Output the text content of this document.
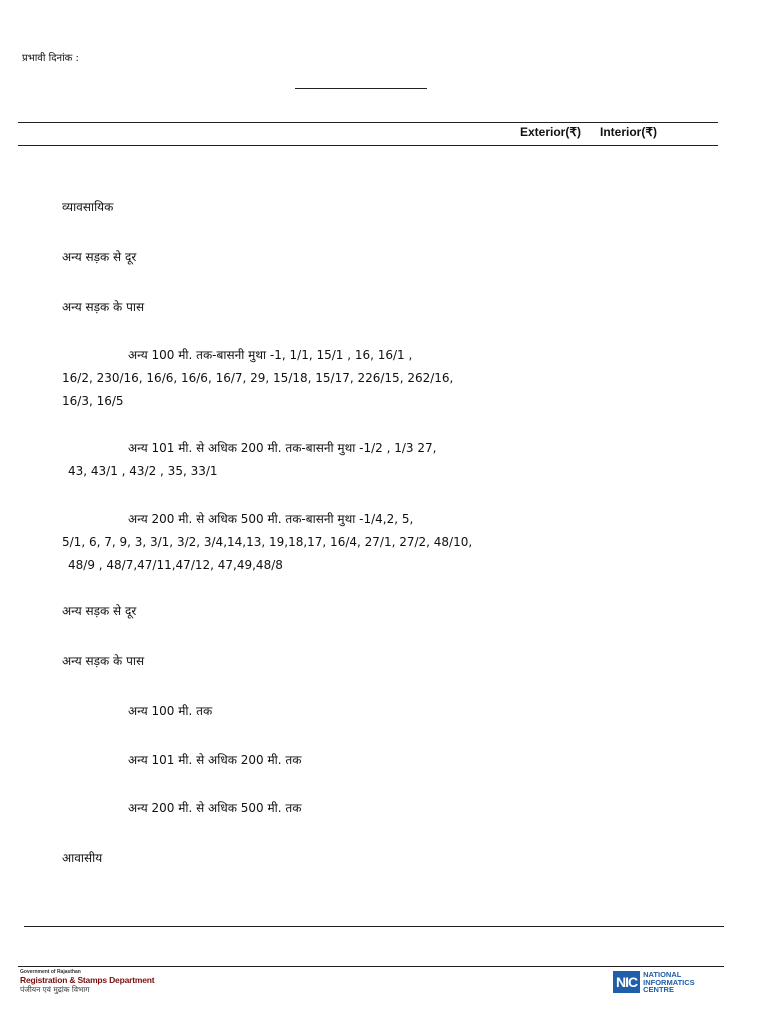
प्रभावी दिनांक :
Exterior(₹) Interior(₹)
व्यावसायिक
अन्य सड़क से दूर
अन्य सड़क के पास
अन्य 100 मी. तक-बासनी मुथा -1, 1/1, 15/1 , 16, 16/1 ,
16/2, 230/16, 16/6, 16/6, 16/7, 29, 15/18, 15/17, 226/15, 262/16,
16/3, 16/5
अन्य 101 मी. से अधिक 200 मी. तक-बासनी मुथा -1/2 , 1/3 27,
43, 43/1 , 43/2 , 35, 33/1
अन्य 200 मी. से अधिक 500 मी. तक-बासनी मुथा -1/4,2, 5,
5/1, 6, 7, 9, 3, 3/1, 3/2, 3/4,14,13, 19,18,17, 16/4, 27/1, 27/2, 48/10,
48/9 , 48/7,47/11,47/12, 47,49,48/8
अन्य सड़क से दूर
अन्य सड़क के पास
अन्य 100 मी. तक
अन्य 101 मी. से अधिक 200 मी. तक
अन्य 200 मी. से अधिक 500 मी. तक
आवासीय
Government of Rajasthan
Registration & Stamps Department
पंजीयन एवं मुद्रांक विभाग	NIC NATIONAL
INFORMATICS
CENTRE
